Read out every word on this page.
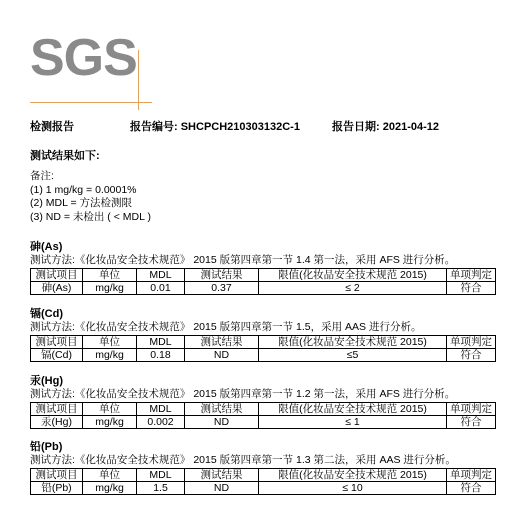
SGS
检测报告	报告编号: SHCPCH210303132C-1	报告日期: 2021-04-12
测试结果如下:
备注:
(1) 1 mg/kg = 0.0001%
(2) MDL = 方法检测限
(3) ND = 未检出 ( < MDL )
砷(As)
测试方法:《化妆品安全技术规范》 2015 版第四章第一节 1.4 第一法，采用 AFS 进行分析。
测试项目	单位	MDL	测试结果	限值(化妆品安全技术规范 2015)	单项判定
砷(As)	mg/kg	0.01	0.37	≤ 2	符合
镉(Cd)
测试方法:《化妆品安全技术规范》 2015 版第四章第一节 1.5，采用 AAS 进行分析。
测试项目	单位	MDL	测试结果	限值(化妆品安全技术规范 2015)	单项判定
镉(Cd)	mg/kg	0.18	ND	≤5	符合
汞(Hg)
测试方法:《化妆品安全技术规范》 2015 版第四章第一节 1.2 第一法，采用 AFS 进行分析。
测试项目	单位	MDL	测试结果	限值(化妆品安全技术规范 2015)	单项判定
汞(Hg)	mg/kg	0.002	ND	≤ 1	符合
铅(Pb)
测试方法:《化妆品安全技术规范》 2015 版第四章第一节 1.3 第二法，采用 AAS 进行分析。
测试项目	单位	MDL	测试结果	限值(化妆品安全技术规范 2015)	单项判定
铅(Pb)	mg/kg	1.5	ND	≤ 10	符合
